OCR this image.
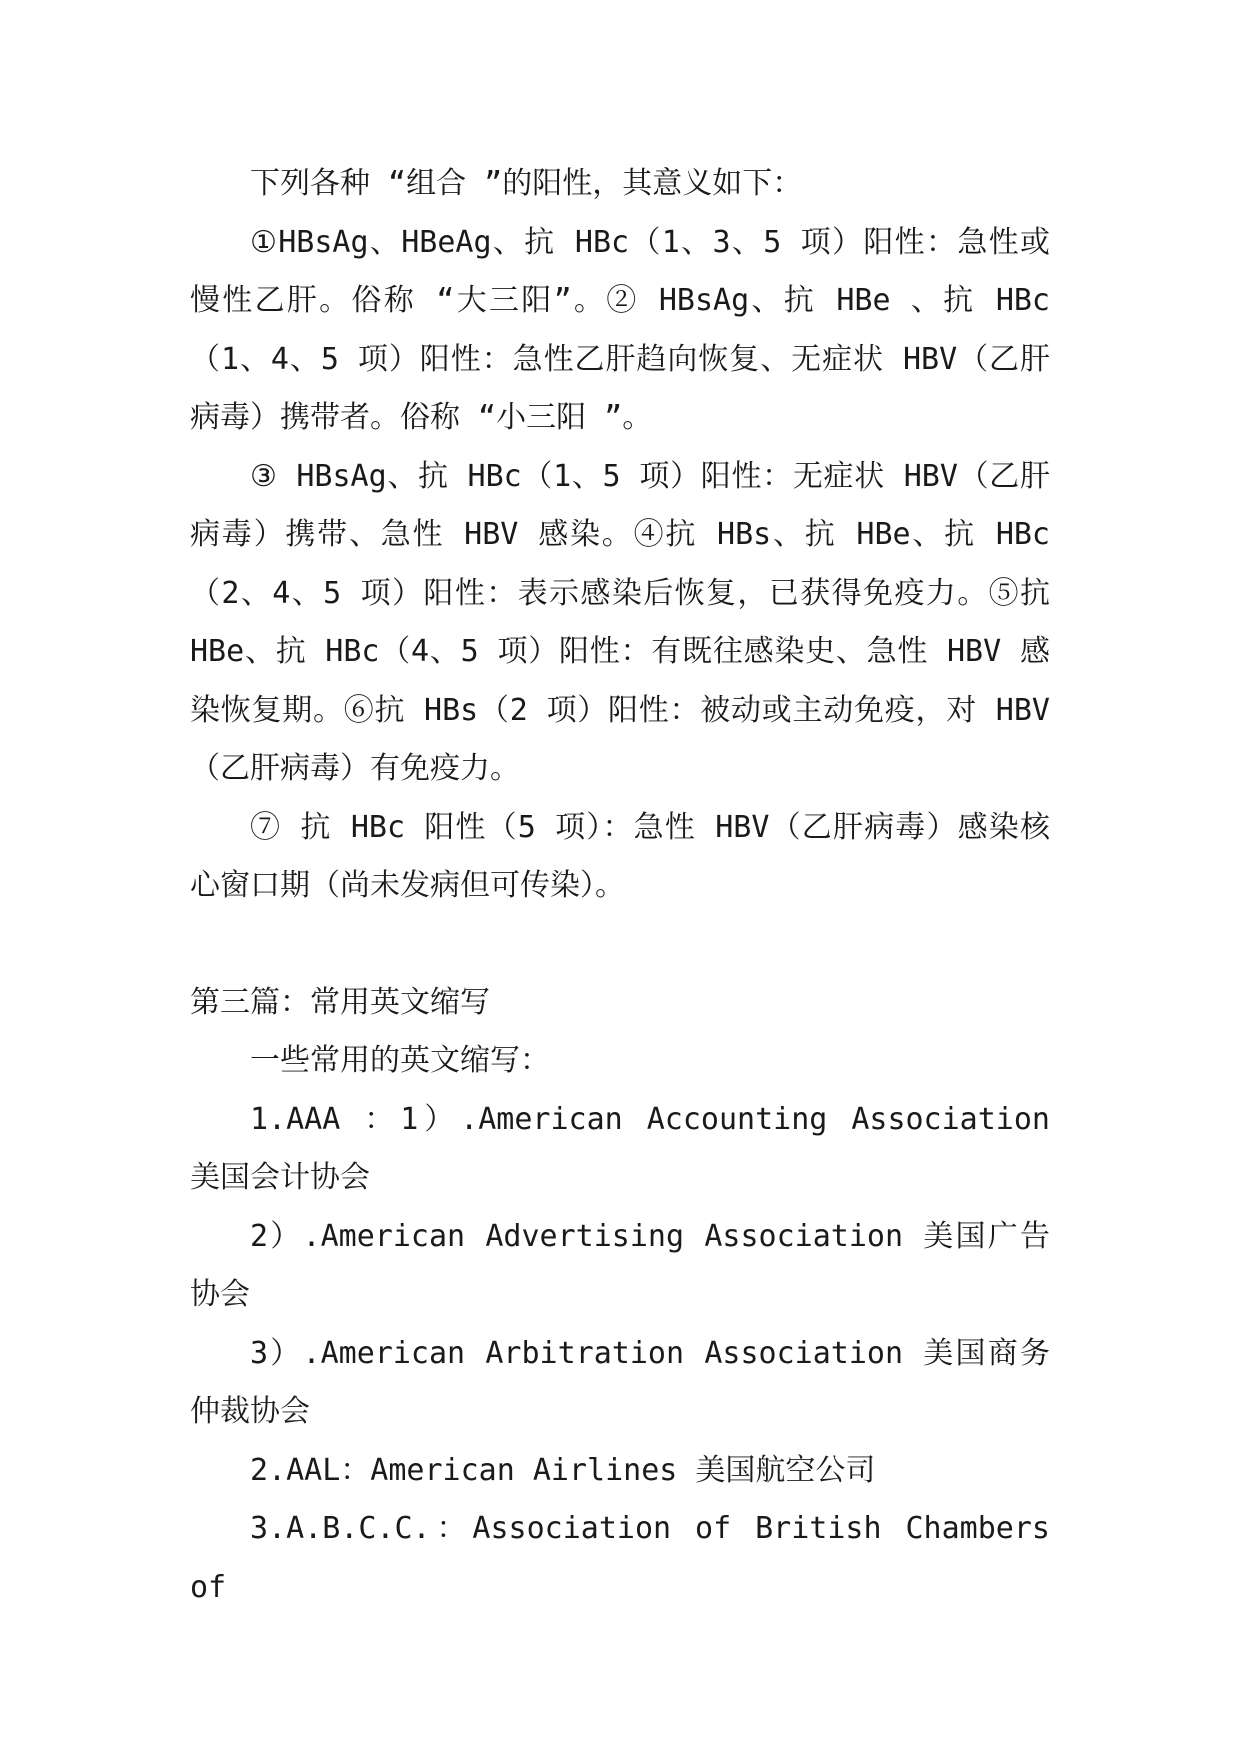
下列各种 “组合 ”的阳性，其意义如下：

①HBsAg、HBeAg、抗 HBc（1、3、5 项）阳性：急性或慢性乙肝。俗称 “大三阳”。② HBsAg、抗 HBe 、抗 HBc（1、4、5 项）阳性：急性乙肝趋向恢复、无症状 HBV（乙肝病毒）携带者。俗称 “小三阳 ”。

③ HBsAg、抗 HBc（1、5 项）阳性：无症状 HBV（乙肝病毒）携带、急性 HBV 感染。④抗 HBs、抗 HBe、抗 HBc（2、4、5 项）阳性：表示感染后恢复，已获得免疫力。⑤抗 HBe、抗 HBc（4、5 项）阳性：有既往感染史、急性 HBV 感染恢复期。⑥抗 HBs（2 项）阳性：被动或主动免疫，对 HBV（乙肝病毒）有免疫力。

⑦ 抗 HBc 阳性（5 项）：急性 HBV（乙肝病毒）感染核心窗口期（尚未发病但可传染）。

第三篇：常用英文缩写

一些常用的英文缩写：

1.AAA ：1）.American Accounting Association 美国会计协会

2）.American Advertising Association 美国广告协会

3）.American Arbitration Association 美国商务仲裁协会

2.AAL：American Airlines 美国航空公司

3.A.B.C.C.：Association of British Chambers of
